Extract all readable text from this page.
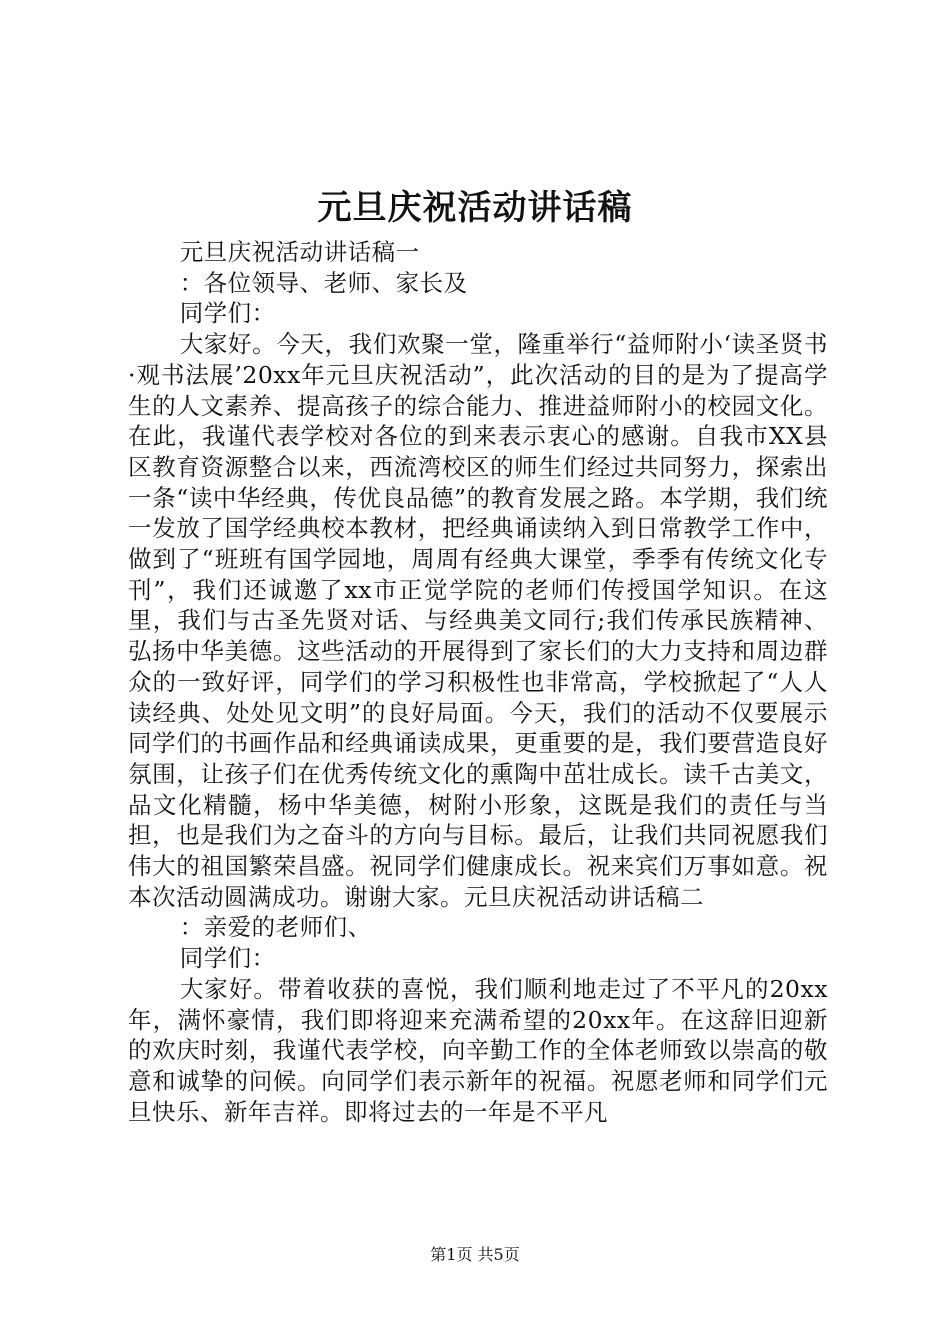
元旦庆祝活动讲话稿

元旦庆祝活动讲话稿一

：各位领导、老师、家长及

同学们：

大家好。今天，我们欢聚一堂，隆重举行“益师附小‘读圣贤书·观书法展’20xx年元旦庆祝活动”，此次活动的目的是为了提高学生的人文素养、提高孩子的综合能力、推进益师附小的校园文化。在此，我谨代表学校对各位的到来表示衷心的感谢。自我市XX县区教育资源整合以来，西流湾校区的师生们经过共同努力，探索出一条“读中华经典，传优良品德”的教育发展之路。本学期，我们统一发放了国学经典校本教材，把经典诵读纳入到日常教学工作中，做到了“班班有国学园地，周周有经典大课堂，季季有传统文化专刊”，我们还诚邀了xx市正觉学院的老师们传授国学知识。在这里，我们与古圣先贤对话、与经典美文同行;我们传承民族精神、弘扬中华美德。这些活动的开展得到了家长们的大力支持和周边群众的一致好评，同学们的学习积极性也非常高，学校掀起了“人人读经典、处处见文明”的良好局面。今天，我们的活动不仅要展示同学们的书画作品和经典诵读成果，更重要的是，我们要营造良好氛围，让孩子们在优秀传统文化的熏陶中茁壮成长。读千古美文，品文化精髓，杨中华美德，树附小形象，这既是我们的责任与当担，也是我们为之奋斗的方向与目标。最后，让我们共同祝愿我们伟大的祖国繁荣昌盛。祝同学们健康成长。祝来宾们万事如意。祝本次活动圆满成功。谢谢大家。元旦庆祝活动讲话稿二

：亲爱的老师们、

同学们：

大家好。带着收获的喜悦，我们顺利地走过了不平凡的20xx年，满怀豪情，我们即将迎来充满希望的20xx年。在这辞旧迎新的欢庆时刻，我谨代表学校，向辛勤工作的全体老师致以崇高的敬意和诚挚的问候。向同学们表示新年的祝福。祝愿老师和同学们元旦快乐、新年吉祥。即将过去的一年是不平凡

第1页 共5页
